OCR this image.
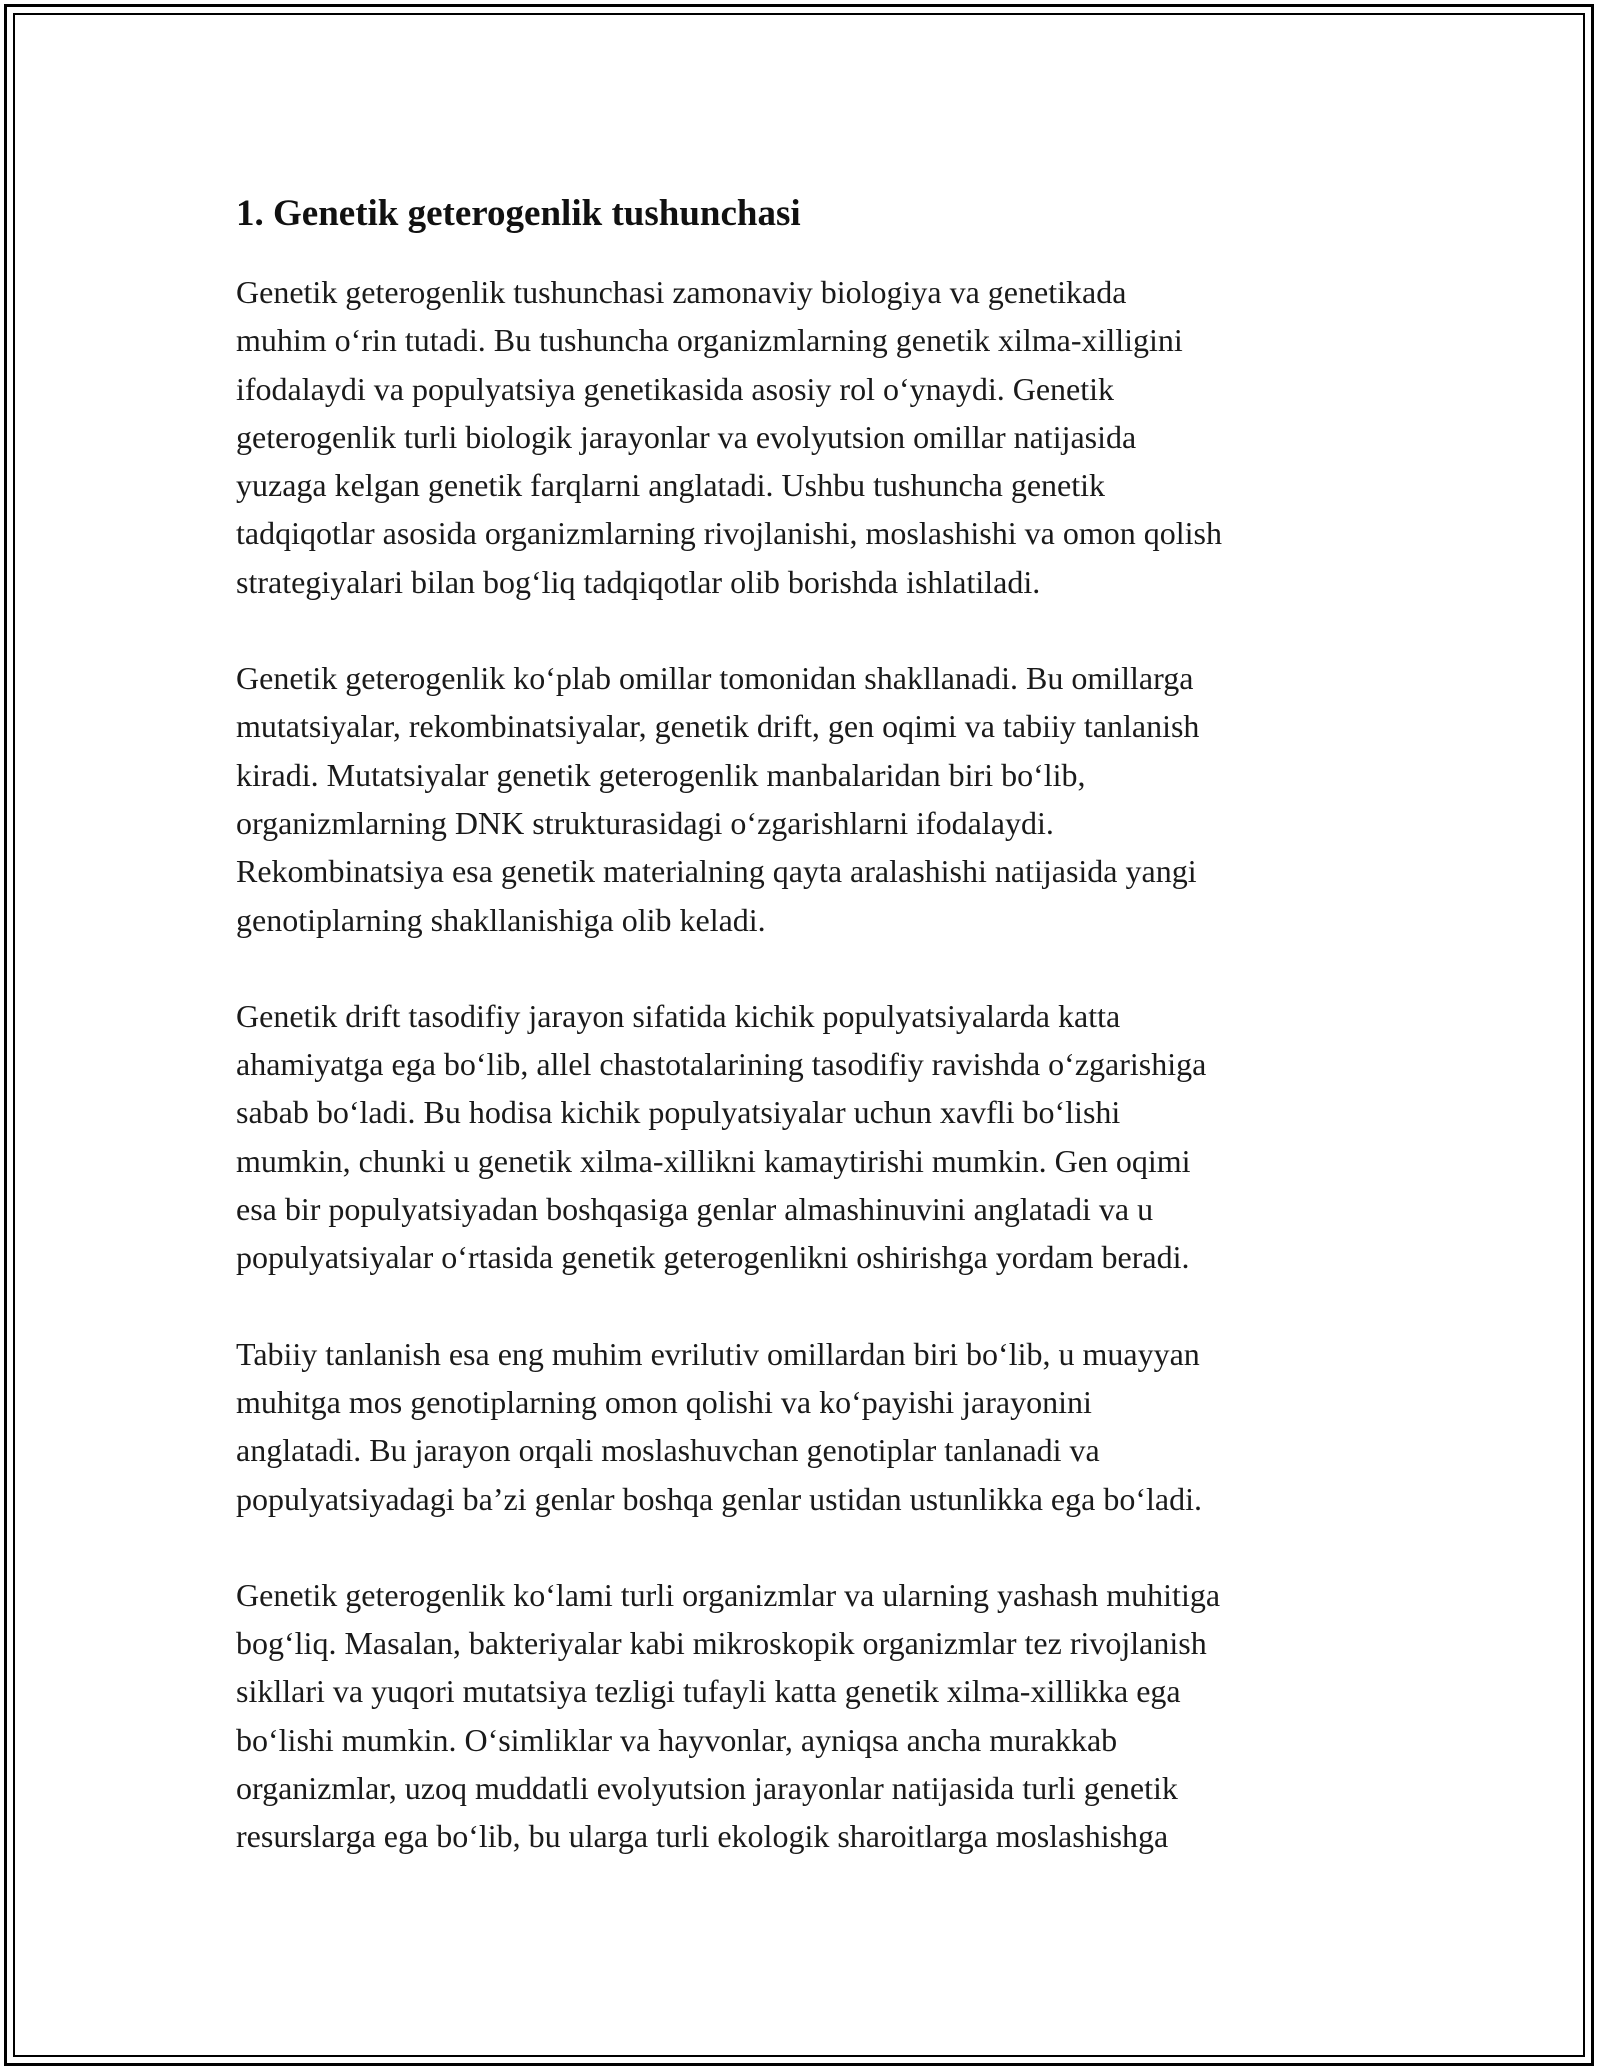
1. Genetik geterogenlik tushunchasi

Genetik geterogenlik tushunchasi zamonaviy biologiya va genetikada
muhim o‘rin tutadi. Bu tushuncha organizmlarning genetik xilma-xilligini
ifodalaydi va populyatsiya genetikasida asosiy rol o‘ynaydi. Genetik
geterogenlik turli biologik jarayonlar va evolyutsion omillar natijasida
yuzaga kelgan genetik farqlarni anglatadi. Ushbu tushuncha genetik
tadqiqotlar asosida organizmlarning rivojlanishi, moslashishi va omon qolish
strategiyalari bilan bog‘liq tadqiqotlar olib borishda ishlatiladi.

Genetik geterogenlik ko‘plab omillar tomonidan shakllanadi. Bu omillarga
mutatsiyalar, rekombinatsiyalar, genetik drift, gen oqimi va tabiiy tanlanish
kiradi. Mutatsiyalar genetik geterogenlik manbalaridan biri bo‘lib,
organizmlarning DNK strukturasidagi o‘zgarishlarni ifodalaydi.
Rekombinatsiya esa genetik materialning qayta aralashishi natijasida yangi
genotiplarning shakllanishiga olib keladi.

Genetik drift tasodifiy jarayon sifatida kichik populyatsiyalarda katta
ahamiyatga ega bo‘lib, allel chastotalarining tasodifiy ravishda o‘zgarishiga
sabab bo‘ladi. Bu hodisa kichik populyatsiyalar uchun xavfli bo‘lishi
mumkin, chunki u genetik xilma-xillikni kamaytirishi mumkin. Gen oqimi
esa bir populyatsiyadan boshqasiga genlar almashinuvini anglatadi va u
populyatsiyalar o‘rtasida genetik geterogenlikni oshirishga yordam beradi.

Tabiiy tanlanish esa eng muhim evrilutiv omillardan biri bo‘lib, u muayyan
muhitga mos genotiplarning omon qolishi va ko‘payishi jarayonini
anglatadi. Bu jarayon orqali moslashuvchan genotiplar tanlanadi va
populyatsiyadagi ba’zi genlar boshqa genlar ustidan ustunlikka ega bo‘ladi.

Genetik geterogenlik ko‘lami turli organizmlar va ularning yashash muhitiga
bog‘liq. Masalan, bakteriyalar kabi mikroskopik organizmlar tez rivojlanish
sikllari va yuqori mutatsiya tezligi tufayli katta genetik xilma-xillikka ega
bo‘lishi mumkin. O‘simliklar va hayvonlar, ayniqsa ancha murakkab
organizmlar, uzoq muddatli evolyutsion jarayonlar natijasida turli genetik
resurslarga ega bo‘lib, bu ularga turli ekologik sharoitlarga moslashishga
